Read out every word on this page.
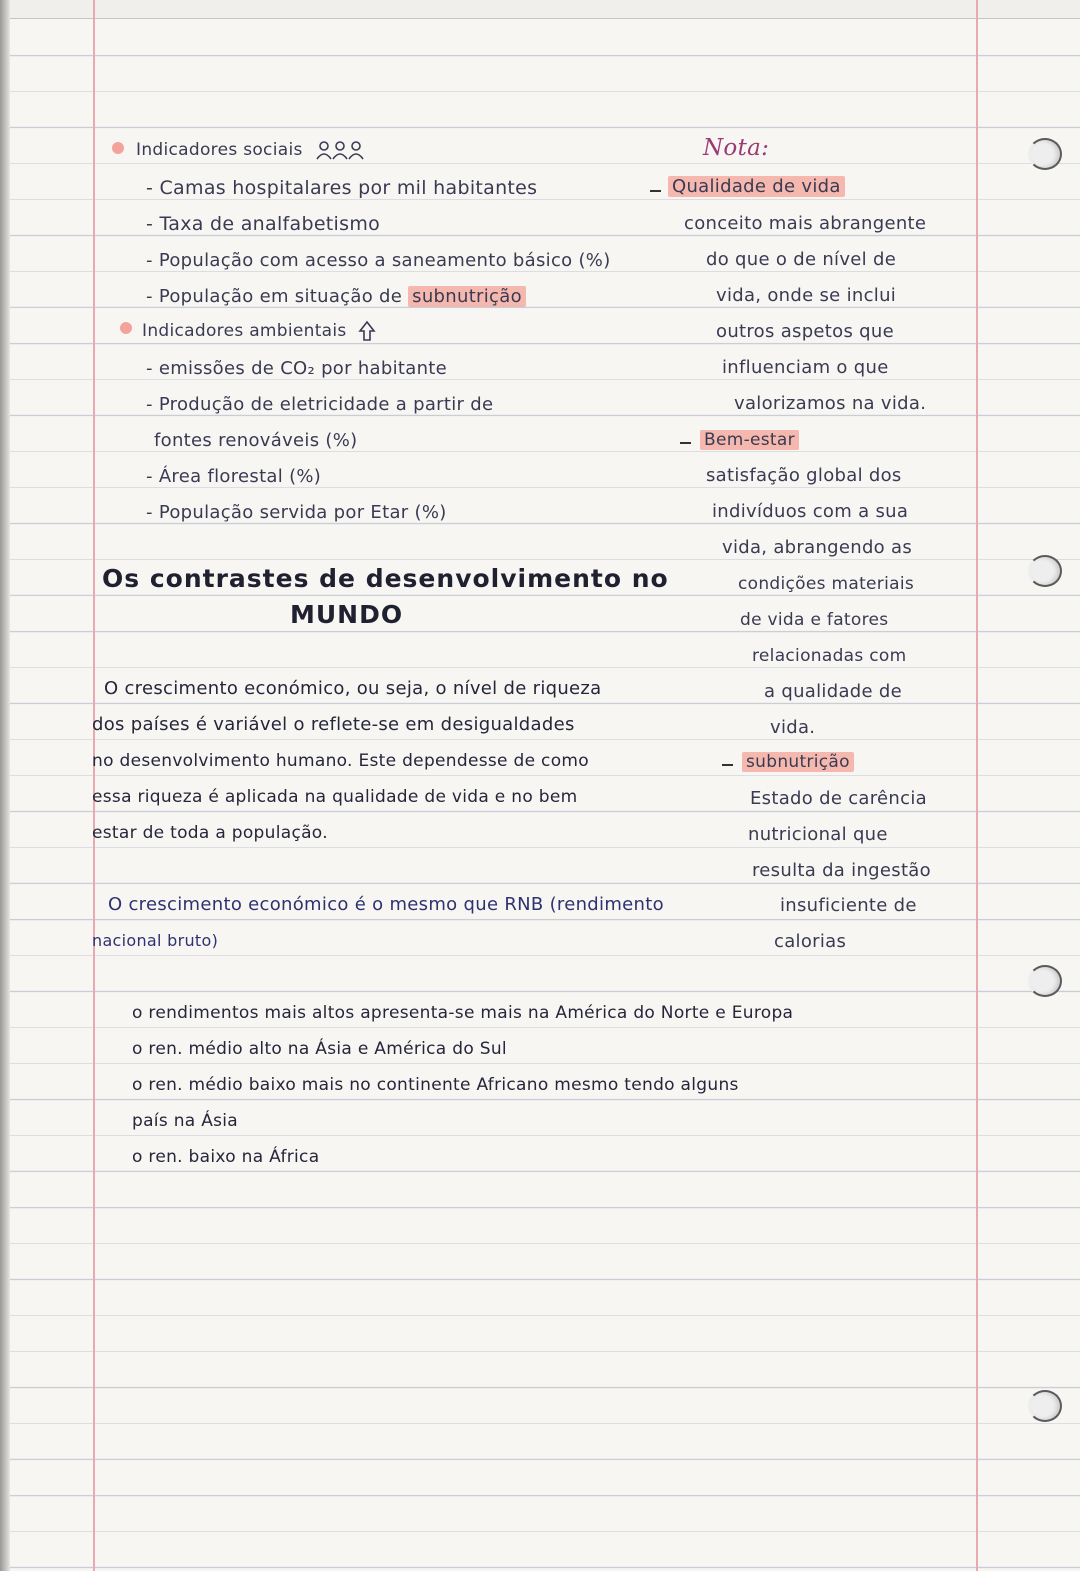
Indicadores sociais
- Camas hospitalares por mil habitantes
- Taxa de analfabetismo
- População com acesso a saneamento básico (%)
- População em situação de subnutrição
Indicadores ambientais
- emissões de CO₂ por habitante
- Produção de eletricidade a partir de
fontes renováveis (%)
- Área florestal (%)
- População servida por Etar (%)
Os contrastes de desenvolvimento no
MUNDO
O crescimento económico, ou seja, o nível de riqueza
dos países é variável o reflete-se em desigualdades
no desenvolvimento humano. Este dependesse de como
essa riqueza é aplicada na qualidade de vida e no bem
estar de toda a população.
O crescimento económico é o mesmo que RNB (rendimento
nacional bruto)
o rendimentos mais altos apresenta-se mais na América do Norte e Europa
o ren. médio alto na Ásia e América do Sul
o ren. médio baixo mais no continente Africano mesmo tendo alguns
país na Ásia
o ren. baixo na África
Nota:
Qualidade de vida
conceito mais abrangente
do que o de nível de
vida, onde se inclui
outros aspetos que
influenciam o que
valorizamos na vida.
Bem-estar
satisfação global dos
indivíduos com a sua
vida, abrangendo as
condições materiais
de vida e fatores
relacionadas com
a qualidade de
vida.
subnutrição
Estado de carência
nutricional que
resulta da ingestão
insuficiente de
calorias
